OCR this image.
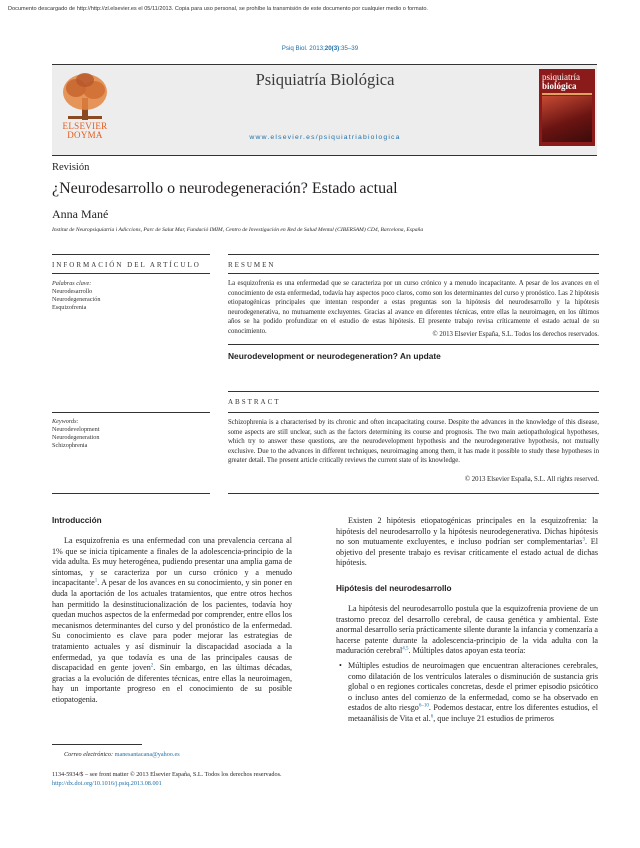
Documento descargado de http://http://zl.elsevier.es el 05/11/2013. Copia para uso personal, se prohíbe la transmisión de este documento por cualquier medio o formato.
Psiq Biol. 2013;20(3):35–39
ELSEVIER
DOYMA
Psiquiatría Biológica
www.elsevier.es/psiquiatriabiologica
psiquiatría
biológica
Revisión
¿Neurodesarrollo o neurodegeneración? Estado actual
Anna Mané
Institut de Neuropsiquiatria i Adiccions, Parc de Salut Mar, Fundació IMIM, Centro de Investigación en Red de Salud Mental (CIBERSAM) CD4, Barcelona, España
INFORMACIÓN DEL ARTÍCULO
Palabras clave:
Neurodesarrollo
Neurodegeneración
Esquizofrenia
Keywords:
Neurodevelopment
Neurodegeneration
Schizophrenia
RESUMEN
La esquizofrenia es una enfermedad que se caracteriza por un curso crónico y a menudo incapacitante. A pesar de los avances en el conocimiento de esta enfermedad, todavía hay aspectos poco claros, como son los determinantes del curso y pronóstico. Las 2 hipótesis etiopatogénicas principales que intentan responder a estas preguntas son la hipótesis del neurodesarrollo y la hipótesis neurodegenerativa, no mutuamente excluyentes. Gracias al avance en diferentes técnicas, entre ellas la neuroimagen, en los últimos años se ha podido profundizar en el estudio de estas hipótesis. El presente trabajo revisa críticamente el estado actual de su conocimiento.	© 2013 Elsevier España, S.L. Todos los derechos reservados.
Neurodevelopment or neurodegeneration? An update
ABSTRACT
Schizophrenia is a characterised by its chronic and often incapacitating course. Despite the advances in the knowledge of this disease, some aspects are still unclear, such as the factors determining its course and prognosis. The two main aetiopathological hypotheses, which try to answer these questions, are the neurodevelopment hypothesis and the neurodegenerative hypothesis, not mutually exclusive. Due to the advances in different techniques, neuroimaging among them, it has made it possible to study these hypotheses in greater detail. The present article critically reviews the current state of its knowledge.
© 2013 Elsevier España, S.L. All rights reserved.
Introducción

La esquizofrenia es una enfermedad con una prevalencia cercana al 1% que se inicia típicamente a finales de la adolescencia-principio de la vida adulta. Es muy heterogénea, pudiendo presentar una amplia gama de síntomas, y se caracteriza por un curso crónico y a menudo incapacitante$^1$. A pesar de los avances en su conocimiento, y sin poner en duda la aportación de los actuales tratamientos, que entre otros hechos han permitido la desinstitucionalización de los pacientes, todavía hoy quedan muchos aspectos de la enfermedad por comprender, entre ellos los mecanismos determinantes del curso y del pronóstico de la enfermedad. Su conocimiento es clave para poder mejorar las estrategias de tratamiento actuales y así disminuir la discapacidad asociada a la enfermedad, ya que todavía es una de las principales causas de discapacidad en gente joven$^2$. Sin embargo, en las últimas décadas, gracias a la evolución de diferentes técnicas, entre ellas la neuroimagen, hay un importante progreso en el conocimiento de su posible etiopatogenia.

Existen 2 hipótesis etiopatogénicas principales en la esquizofrenia: la hipótesis del neurodesarrollo y la hipótesis neurodegenerativa. Dichas hipótesis no son mutuamente excluyentes, e incluso podrían ser complementarias$^3$. El objetivo del presente trabajo es revisar críticamente el estado actual de dichas hipótesis.

Hipótesis del neurodesarrollo

La hipótesis del neurodesarrollo postula que la esquizofrenia proviene de un trastorno precoz del desarrollo cerebral, de causa genética y ambiental. Este anormal desarrollo sería prácticamente silente durante la infancia y comenzaría a hacerse patente durante la adolescencia-principio de la vida adulta con la maduración cerebral$^{4,5}$. Múltiples datos apoyan esta teoría:

• Múltiples estudios de neuroimagen que encuentran alteraciones cerebrales, como dilatación de los ventrículos laterales o disminución de sustancia gris global o en regiones corticales concretas, desde el primer episodio psicótico o incluso antes del comienzo de la enfermedad, como se ha observado en estados de alto riesgo$^{6-10}$. Podemos destacar, entre los diferentes estudios, el metaanálisis de Vita et al.$^6$, que incluye 21 estudios de primeros
Correo electrónico: manesantacana@yahoo.es
1134-5934/$ – see front matter © 2013 Elsevier España, S.L. Todos los derechos reservados.
http://dx.doi.org/10.1016/j.psiq.2013.08.001
